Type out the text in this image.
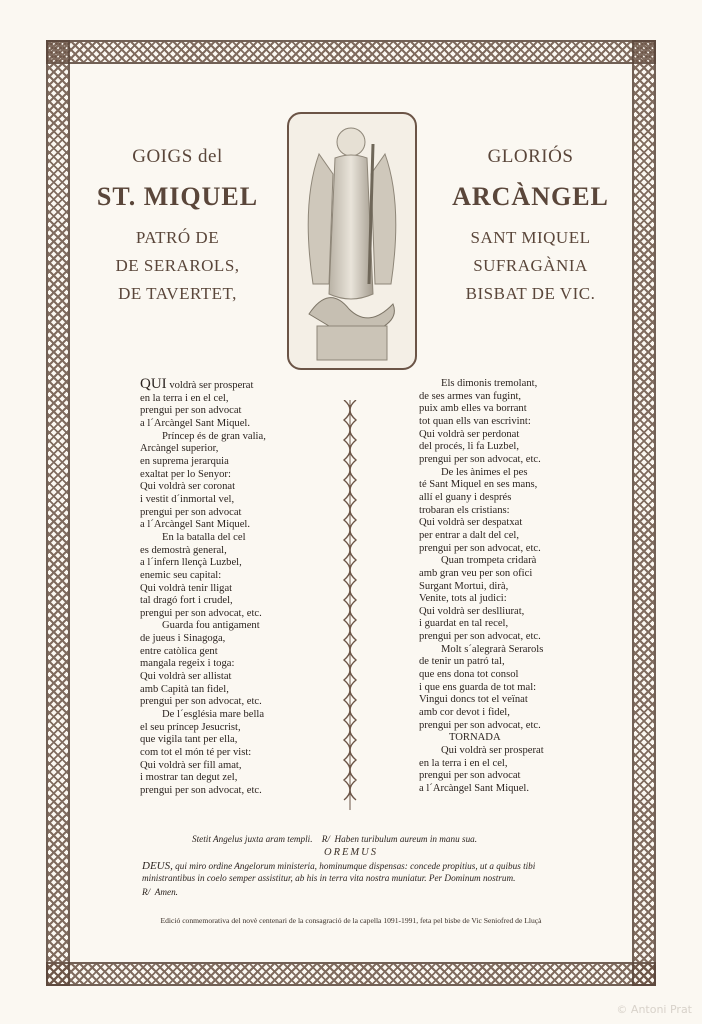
GOIGS del
ST. MIQUEL
PATRÓ DE
DE SERAROLS,
DE TAVERTET,
GLORIÓS
ARCÀNGEL
SANT MIQUEL
SUFRAGÀNIA
BISBAT DE VIC.
QUI voldrà ser prosperat
en la terra i en el cel,
prengui per son advocat
a l´Arcàngel Sant Miquel.
Príncep és de gran valia,
Arcàngel superior,
en suprema jerarquia
exaltat per lo Senyor:
Qui voldrà ser coronat
i vestit d´inmortal vel,
prengui per son advocat
a l´Arcàngel Sant Miquel.
En la batalla del cel
es demostrà general,
a l´infern llençà Luzbel,
enemic seu capital:
Qui voldrà tenir lligat
tal dragó fort i crudel,
prengui per son advocat, etc.
Guarda fou antigament
de jueus i Sinagoga,
entre catòlica gent
mangala regeix i toga:
Qui voldrà ser allistat
amb Capità tan fidel,
prengui per son advocat, etc.
De l´església mare bella
el seu príncep Jesucrist,
que vigila tant per ella,
com tot el món té per vist:
Qui voldrà ser fill amat,
i mostrar tan degut zel,
prengui per son advocat, etc.
Els dimonis tremolant,
de ses armes van fugint,
puix amb elles va borrant
tot quan ells van escrivint:
Qui voldrà ser perdonat
del procés, li fa Luzbel,
prengui per son advocat, etc.
De les ànimes el pes
té Sant Miquel en ses mans,
allí el guany i després
trobaran els cristians:
Qui voldrà ser despatxat
per entrar a dalt del cel,
prengui per son advocat, etc.
Quan trompeta cridarà
amb gran veu per son ofici
Surgant Mortui, dirà,
Venite, tots al judici:
Qui voldrà ser deslliurat,
i guardat en tal recel,
prengui per son advocat, etc.
Molt s´alegrarà Serarols
de tenir un patró tal,
que ens dona tot consol
i que ens guarda de tot mal:
Vingui doncs tot el veïnat
amb cor devot i fidel,
prengui per son advocat, etc.
TORNADA
Qui voldrà ser prosperat
en la terra i en el cel,
prengui per son advocat
a l´Arcàngel Sant Miquel.
Stetit Angelus juxta aram templi. R/ Haben turibulum aureum in manu sua.
OREMUS
DEUS, qui miro ordine Angelorum ministeria, hominumque dispensas: concede propitius, ut a quibus tibi
ministrantibus in coelo semper assistitur, ab his in terra vita nostra muniatur. Per Dominum nostrum.
R/ Amen.
Edició conmemorativa del novè centenari de la consagració de la capella 1091-1991, feta pel bisbe de Vic Seniofred de Lluçà
© Antoni Prat
